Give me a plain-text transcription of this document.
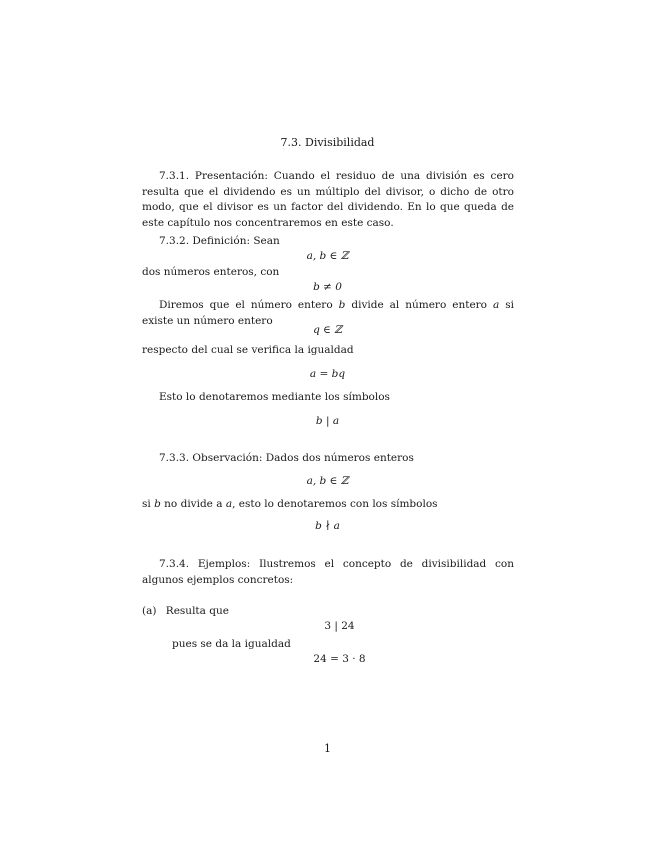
7.3. Divisibilidad
7.3.1. Presentación: Cuando el residuo de una división es cero resulta que el dividendo es un múltiplo del divisor, o dicho de otro modo, que el divisor es un factor del dividendo. En lo que queda de este capítulo nos concentraremos en este caso.
7.3.2. Definición: Sean
a, b ∈ ℤ
dos números enteros, con
b ≠ 0
Diremos que el número entero b divide al número entero a si existe un número entero
q ∈ ℤ
respecto del cual se verifica la igualdad
a = bq
Esto lo denotaremos mediante los símbolos
b | a
7.3.3. Observación: Dados dos números enteros
a, b ∈ ℤ
si b no divide a a, esto lo denotaremos con los símbolos
b ∤ a
7.3.4. Ejemplos: Ilustremos el concepto de divisibilidad con algunos ejemplos concretos:
(a) Resulta que
3 | 24
pues se da la igualdad
24 = 3 · 8
1
